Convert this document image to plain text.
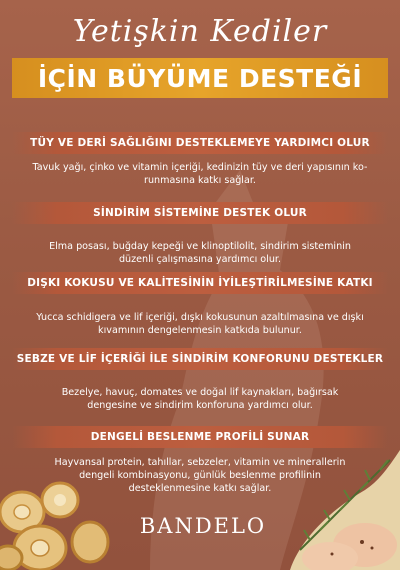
Yetişkin Kediler
İÇİN BÜYÜME DESTEĞİ
TÜY VE DERİ SAĞLIĞINI DESTEKLEMEYE YARDIMCI OLUR
Tavuk yağı, çinko ve vitamin içeriği, kedinizin tüy ve deri yapısının ko-
runmasına katkı sağlar.
SİNDİRİM SİSTEMİNE DESTEK OLUR
Elma posası, buğday kepeği ve klinoptilolit, sindirim sisteminin
düzenli çalışmasına yardımcı olur.
DIŞKI KOKUSU VE KALİTESİNİN İYİLEŞTİRİLMESİNE KATKI
Yucca schidigera ve lif içeriği, dışkı kokusunun azaltılmasına ve dışkı
kıvamının dengelenmesin katkıda bulunur.
SEBZE VE LİF İÇERİĞİ İLE SİNDİRİM KONFORUNU DESTEKLER
Bezelye, havuç, domates ve doğal lif kaynakları, bağırsak
dengesine ve sindirim konforuna yardımcı olur.
DENGELİ BESLENME PROFİLİ SUNAR
Hayvansal protein, tahıllar, sebzeler, vitamin ve minerallerin
dengeli kombinasyonu, günlük beslenme profilinin
desteklenmesine katkı sağlar.
BANDELO
